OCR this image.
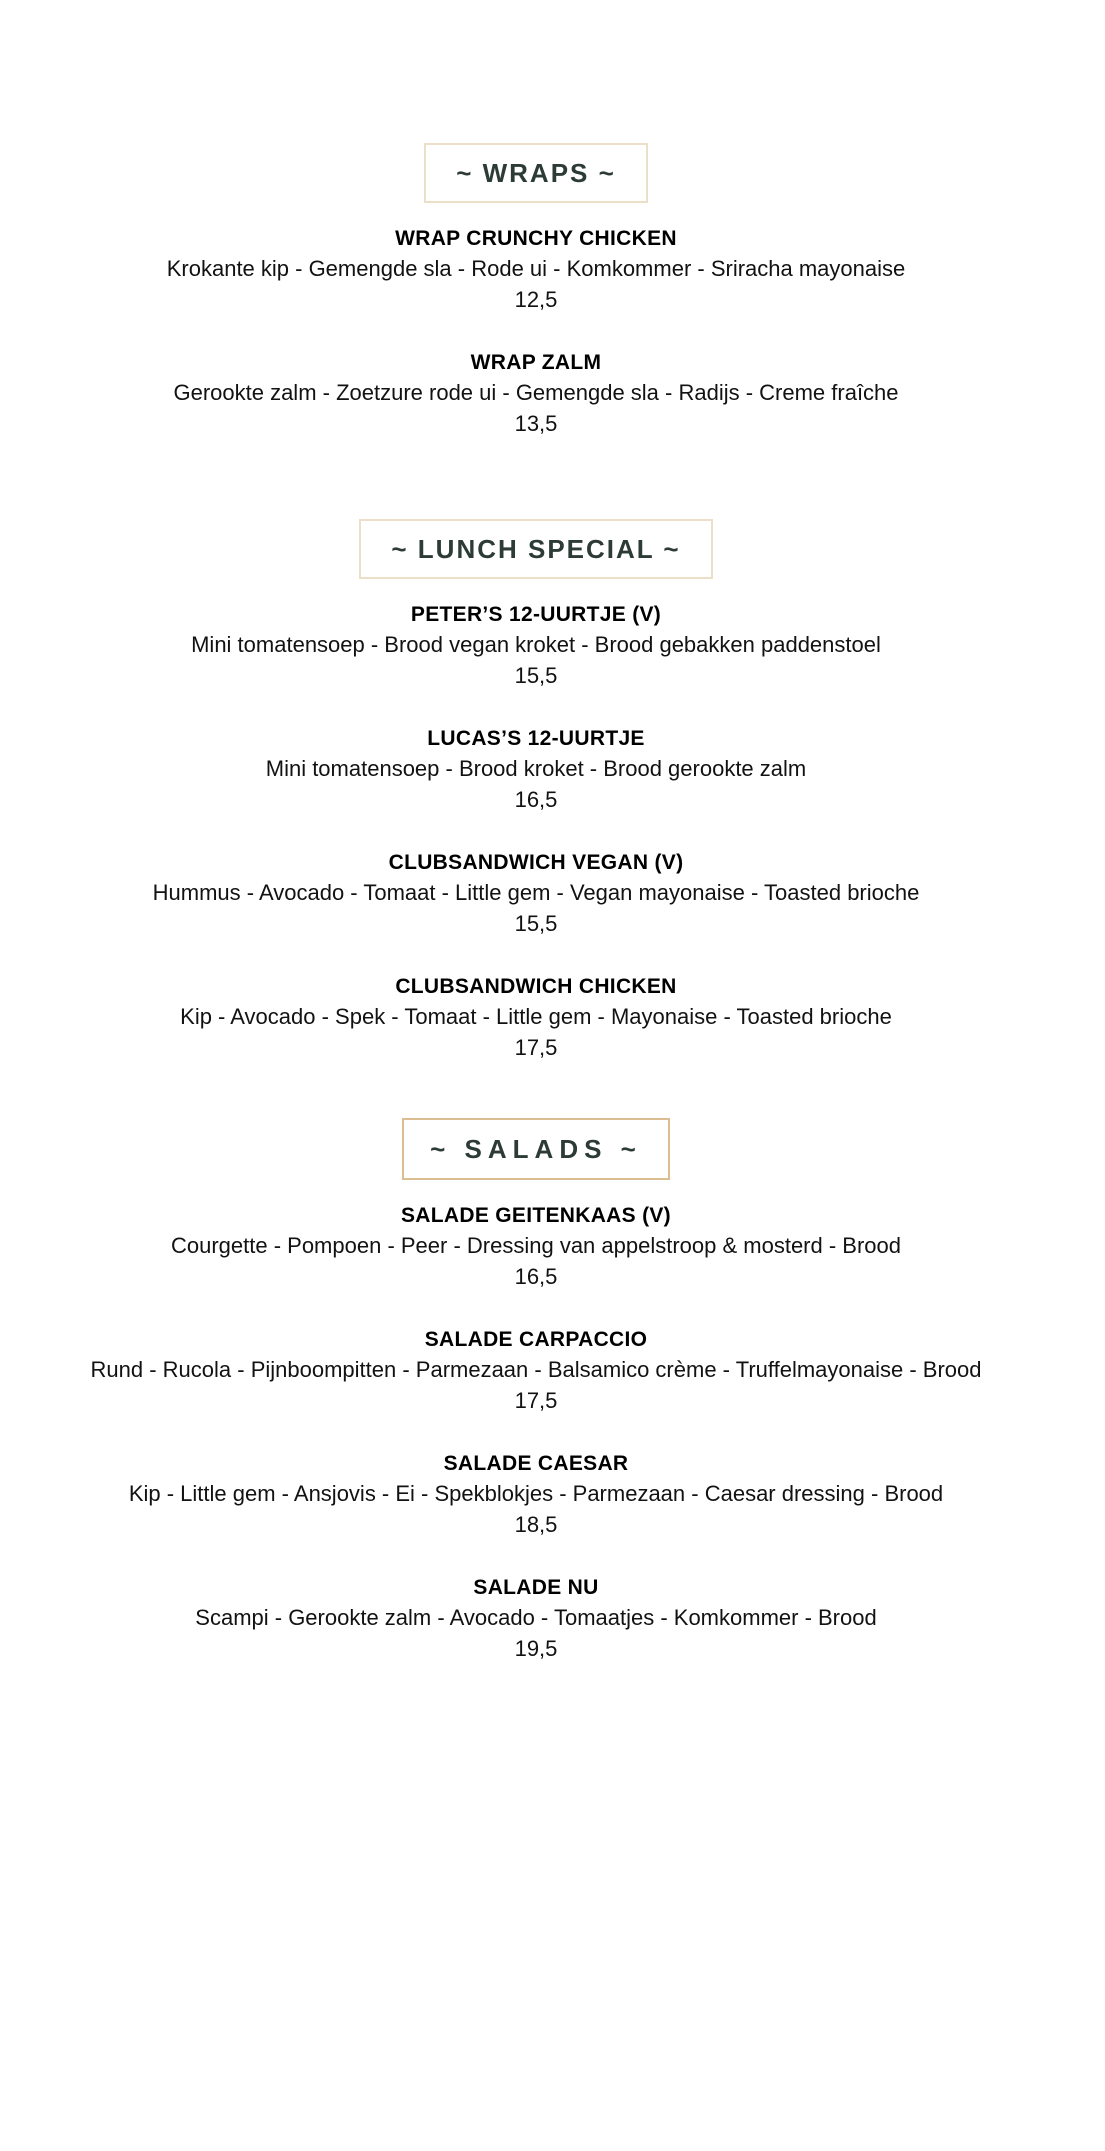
~ WRAPS ~
WRAP CRUNCHY CHICKEN
Krokante kip - Gemengde sla - Rode ui - Komkommer - Sriracha mayonaise
12,5
WRAP ZALM
Gerookte zalm - Zoetzure rode ui - Gemengde sla - Radijs - Creme fraîche
13,5
~ LUNCH SPECIAL ~
PETER’S 12-UURTJE (V)
Mini tomatensoep - Brood vegan kroket - Brood gebakken paddenstoel
15,5
LUCAS’S 12-UURTJE
Mini tomatensoep - Brood kroket - Brood gerookte zalm
16,5
CLUBSANDWICH VEGAN (V)
Hummus - Avocado - Tomaat - Little gem - Vegan mayonaise - Toasted brioche
15,5
CLUBSANDWICH CHICKEN
Kip - Avocado - Spek - Tomaat - Little gem - Mayonaise - Toasted brioche
17,5
~ SALADS ~
SALADE GEITENKAAS (V)
Courgette - Pompoen - Peer - Dressing van appelstroop & mosterd - Brood
16,5
SALADE CARPACCIO
Rund - Rucola - Pijnboompitten - Parmezaan - Balsamico crème - Truffelmayonaise - Brood
17,5
SALADE CAESAR
Kip - Little gem - Ansjovis - Ei - Spekblokjes - Parmezaan - Caesar dressing - Brood
18,5
SALADE NU
Scampi - Gerookte zalm - Avocado - Tomaatjes - Komkommer - Brood
19,5
